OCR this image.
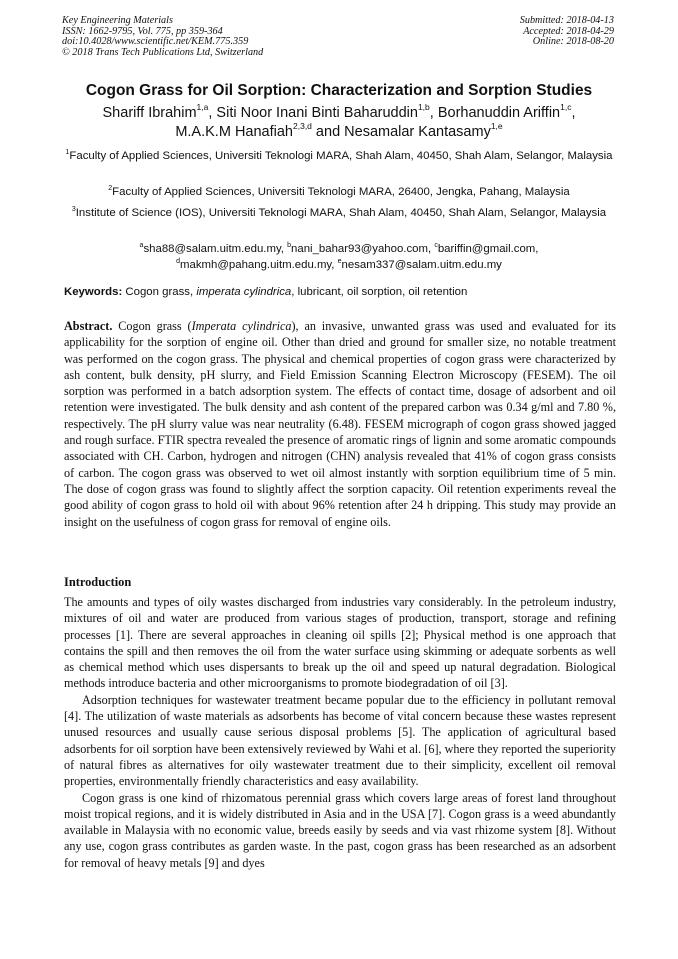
Key Engineering Materials
ISSN: 1662-9795, Vol. 775, pp 359-364
doi:10.4028/www.scientific.net/KEM.775.359
© 2018 Trans Tech Publications Ltd, Switzerland
Submitted: 2018-04-13
Accepted: 2018-04-29
Online: 2018-08-20
Cogon Grass for Oil Sorption: Characterization and Sorption Studies
Shariff Ibrahim$^{1,a}$, Siti Noor Inani Binti Baharuddin$^{1,b}$, Borhanuddin Ariffin$^{1,c}$,
M.A.K.M Hanafiah$^{2,3,d}$ and Nesamalar Kantasamy$^{1,e}$
$^1$Faculty of Applied Sciences, Universiti Teknologi MARA, Shah Alam, 40450, Shah Alam, Selangor, Malaysia
$^2$Faculty of Applied Sciences, Universiti Teknologi MARA, 26400, Jengka, Pahang, Malaysia
$^3$Institute of Science (IOS), Universiti Teknologi MARA, Shah Alam, 40450, Shah Alam, Selangor, Malaysia
$^a$sha88@salam.uitm.edu.my, $^b$nani_bahar93@yahoo.com, $^c$bariffin@gmail.com,
$^d$makmh@pahang.uitm.edu.my, $^e$nesam337@salam.uitm.edu.my
Keywords: Cogon grass, imperata cylindrica, lubricant, oil sorption, oil retention

Abstract. Cogon grass (Imperata cylindrica), an invasive, unwanted grass was used and evaluated for its applicability for the sorption of engine oil. Other than dried and ground for smaller size, no notable treatment was performed on the cogon grass. The physical and chemical properties of cogon grass were characterized by ash content, bulk density, pH slurry, and Field Emission Scanning Electron Microscopy (FESEM). The oil sorption was performed in a batch adsorption system. The effects of contact time, dosage of adsorbent and oil retention were investigated. The bulk density and ash content of the prepared carbon was 0.34 g/ml and 7.80 %, respectively. The pH slurry value was near neutrality (6.48). FESEM micrograph of cogon grass showed jagged and rough surface. FTIR spectra revealed the presence of aromatic rings of lignin and some aromatic compounds associated with CH. Carbon, hydrogen and nitrogen (CHN) analysis revealed that 41% of cogon grass consists of carbon. The cogon grass was observed to wet oil almost instantly with sorption equilibrium time of 5 min. The dose of cogon grass was found to slightly affect the sorption capacity. Oil retention experiments reveal the good ability of cogon grass to hold oil with about 96% retention after 24 h dripping. This study may provide an insight on the usefulness of cogon grass for removal of engine oils.

Introduction

The amounts and types of oily wastes discharged from industries vary considerably. In the petroleum industry, mixtures of oil and water are produced from various stages of production, transport, storage and refining processes [1]. There are several approaches in cleaning oil spills [2]; Physical method is one approach that contains the spill and then removes the oil from the water surface using skimming or adequate sorbents as well as chemical method which uses dispersants to break up the oil and speed up natural degradation. Biological methods introduce bacteria and other microorganisms to promote biodegradation of oil [3].

Adsorption techniques for wastewater treatment became popular due to the efficiency in pollutant removal [4]. The utilization of waste materials as adsorbents has become of vital concern because these wastes represent unused resources and usually cause serious disposal problems [5]. The application of agricultural based adsorbents for oil sorption have been extensively reviewed by Wahi et al. [6], where they reported the superiority of natural fibres as alternatives for oily wastewater treatment due to their simplicity, excellent oil removal properties, environmentally friendly characteristics and easy availability.

Cogon grass is one kind of rhizomatous perennial grass which covers large areas of forest land throughout moist tropical regions, and it is widely distributed in Asia and in the USA [7]. Cogon grass is a weed abundantly available in Malaysia with no economic value, breeds easily by seeds and via vast rhizome system [8]. Without any use, cogon grass contributes as garden waste. In the past, cogon grass has been researched as an adsorbent for removal of heavy metals [9] and dyes
